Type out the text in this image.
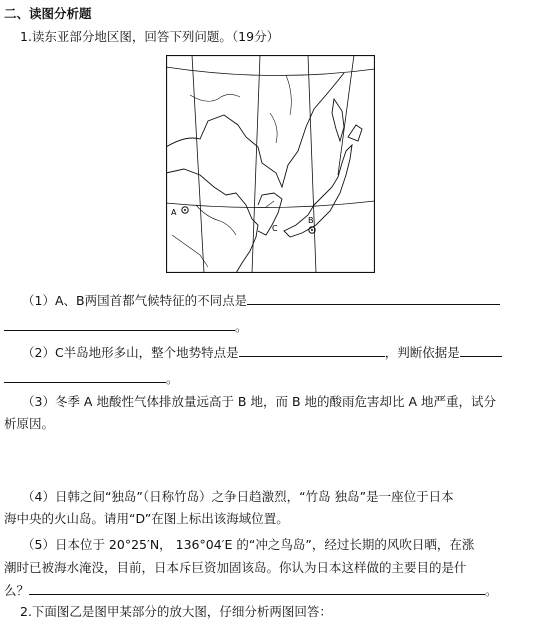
二、读图分析题
1.读东亚部分地区图，回答下列问题。（19分）
A
B
C
（1）A、B两国首都气候特征的不同点是
。
（2）C半岛地形多山，整个地势特点是	，判断依据是
。
（3）冬季 A 地酸性气体排放量远高于 B 地，而 B 地的酸雨危害却比 A 地严重，试分
析原因。
（4）日韩之间“独岛”（日称竹岛）之争日趋激烈，“竹岛 独岛”是一座位于日本
海中央的火山岛。请用“D”在图上标出该海域位置。
（5）日本位于 20°25′N， 136°04′E 的“冲之鸟岛”，经过长期的风吹日晒，在涨
潮时已被海水淹没，目前，日本斥巨资加固该岛。你认为日本这样做的主要目的是什
么？	。
2.下面图乙是图甲某部分的放大图，仔细分析两图回答：
